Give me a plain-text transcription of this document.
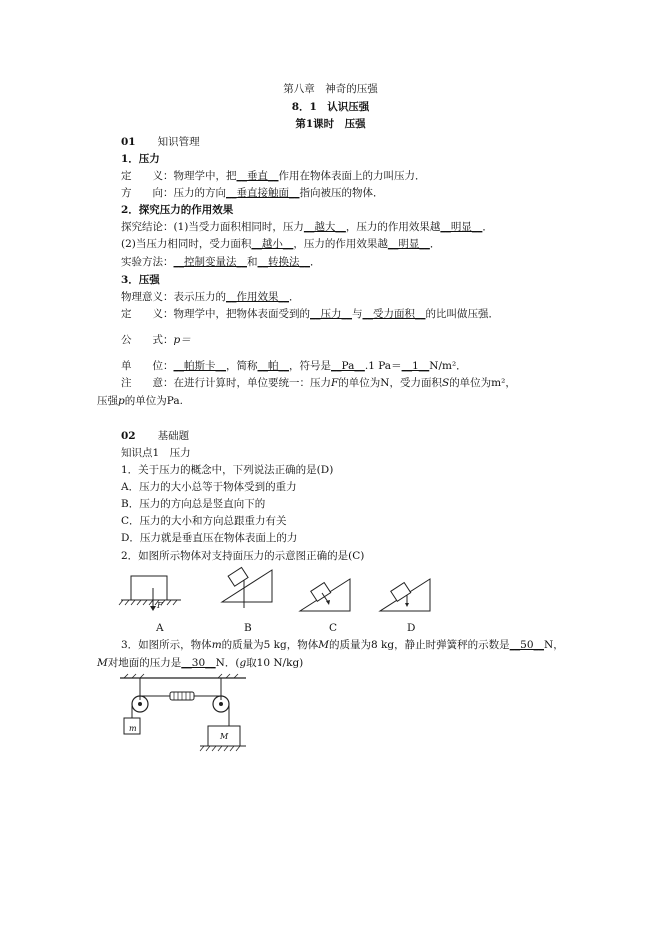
第八章　神奇的压强
8．1　认识压强
第1课时　压强
01 知识管理
1．压力
定　　义：物理学中，把__垂直__作用在物体表面上的力叫压力．
方　　向：压力的方向__垂直接触面__指向被压的物体．
2．探究压力的作用效果
探究结论：(1)当受力面积相同时，压力__越大__，压力的作用效果越__明显__．
(2)当压力相同时，受力面积__越小__，压力的作用效果越__明显__．
实验方法：__控制变量法__和__转换法__．
3．压强
物理意义：表示压力的__作用效果__．
定　　义：物理学中，把物体表面受到的__压力__与__受力面积__的比叫做压强．
公　　式：p＝
单　　位：__帕斯卡__，简称__帕__，符号是__Pa__.1 Pa＝__1__N/m²．
注　　意：在进行计算时，单位要统一：压力F的单位为N，受力面积S的单位为m²，
压强p的单位为Pa.
02 基础题
知识点1　压力
1．关于压力的概念中，下列说法正确的是(D)
A．压力的大小总等于物体受到的重力
B．压力的方向总是竖直向下的
C．压力的大小和方向总跟重力有关
D．压力就是垂直压在物体表面上的力
2．如图所示物体对支持面压力的示意图正确的是(C)
F
A	B	C	D
3．如图所示，物体m的质量为5 kg，物体M的质量为8 kg，静止时弹簧秤的示数是__50__N，
M对地面的压力是__30__N．(g取10 N/kg)
m
M
